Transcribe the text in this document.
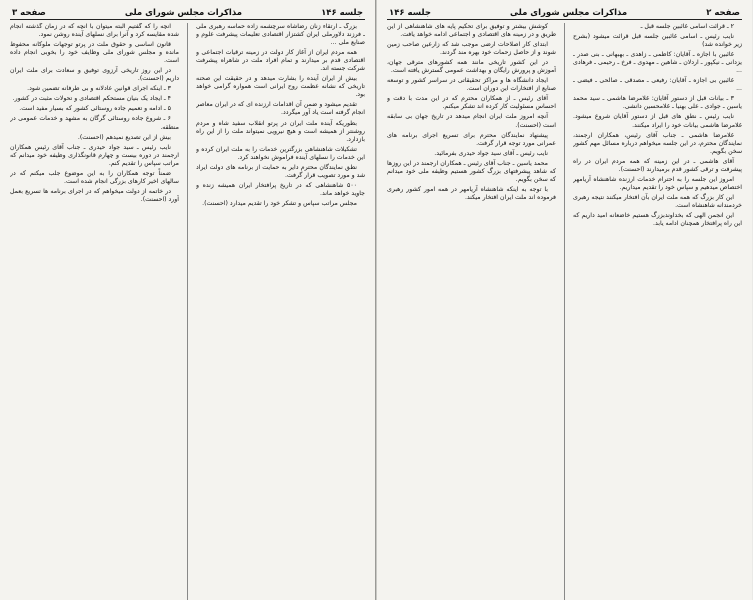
جلسه ۱۴۶
مذاکرات مجلس شورای ملی
صفحه ۳

بزرگ ـ ارتقاء زنان رضاشاه سرچشمه زاده حماسه رهبری ملی ـ فرزند دلاورملی ایران کشتزار اقتصادی تعلیمات پیشرفت علوم و صنایع ملی ...

همه مردم ایران از آغاز کار دولت در زمینه ترقیات اجتماعی و اقتصادی قدم بر میدارند و تمام افراد ملت در شاهراه پیشرفت شرکت جسته اند.

بیش از ایران آینده را بشارت میدهد و در حقیقت این صحنه تاریخی که نشانه عظمت روح ایرانی است همواره گرامی خواهد بود.

تقدیم میشود و ضمن آن اقدامات ارزنده ای که در ایران معاصر انجام گرفته است یاد آور میگردد.

بطوریکه آینده ملت ایران در پرتو انقلاب سفید شاه و مردم روشنتر از همیشه است و هیچ نیرویی نمیتواند ملت را از این راه بازدارد.

تشکیلات شاهنشاهی بزرگترین خدمات را به ملت ایران کرده و این خدمات را نسلهای آینده فراموش نخواهند کرد.

نطق نمایندگان محترم دایر به حمایت از برنامه های دولت ایراد شد و مورد تصویب قرار گرفت.

۵۰۰ شاهنشاهی که در تاریخ پرافتخار ایران همیشه زنده و جاوید خواهد ماند.

مجلس مراتب سپاس و تشکر خود را تقدیم میدارد (احسنت).

آنچه را که گفتیم البته میتوان با آنچه که در زمان گذشته انجام شده مقایسه کرد و آنرا برای نسلهای آینده روشن نمود.

قانون اساسی و حقوق ملت در پرتو توجهات ملوکانه محفوظ مانده و مجلس شورای ملی وظایف خود را بخوبی انجام داده است.

در این روز تاریخی آرزوی توفیق و سعادت برای ملت ایران داریم (احسنت).

۳ ـ اینکه اجرای قوانین عادلانه و بی طرفانه تضمین شود.

۴ ـ ایجاد یک بنیان مستحکم اقتصادی و تحولات مثبت در کشور.

۵ ـ ادامه و تعمیم جاده روستائی کشور که بسیار مفید است.

۶ ـ شروع جاده روستائی گرگان به مشهد و خدمات عمومی در منطقه.

بیش از این تصدیع نمیدهم (احسنت).

نایب رئیس ـ سید جواد حیدری ـ جناب آقای رئیس همکاران ارجمند در دوره بیست و چهارم قانونگذاری وظیفه خود میدانم که مراتب سپاس را تقدیم کنم.

ضمناً توجه همکاران را به این موضوع جلب میکنم که در سالهای اخیر کارهای بزرگی انجام شده است.

در خاتمه از دولت میخواهم که در اجرای برنامه ها تسریع بعمل آورد (احسنت).

صفحه ۲
مذاکرات مجلس شورای ملی
جلسه ۱۴۶

۲ ـ قرائت اسامی غائبین جلسه قبل ـ

نایب رئیس ـ اسامی غائبین جلسه قبل قرائت میشود (بشرح زیر خوانده شد)

غائبین با اجازه ـ آقایان: کاظمی ـ زاهدی ـ بهبهانی ـ بنی صدر ـ یزدانی ـ نیکپور ـ اردلان ـ شاهین ـ مهدوی ـ فرخ ـ رحیمی ـ فرهادی ...

غائبین بی اجازه ـ آقایان: رفیعی ـ مصدقی ـ صالحی ـ فیضی ـ ...

۳ ـ بیانات قبل از دستور آقایان: غلامرضا هاشمی ـ سید محمد یاسین ـ جوادی ـ علی بهنیا ـ غلامحسین دانشی.

نایب رئیس ـ نطق های قبل از دستور آقایان شروع میشود. غلامرضا هاشمی بیانات خود را ایراد میکنند.

غلامرضا هاشمی ـ جناب آقای رئیس، همکاران ارجمند، نمایندگان محترم، در این جلسه میخواهم درباره مسائل مهم کشور سخن بگویم.

آقای هاشمی ـ در این زمینه که همه مردم ایران در راه پیشرفت و ترقی کشور قدم برمیدارند (احسنت).

امروز این جلسه را به احترام خدمات ارزنده شاهنشاه آریامهر اختصاص میدهیم و سپاس خود را تقدیم میداریم.

این کار بزرگ که همه ملت ایران بآن افتخار میکنند نتیجه رهبری خردمندانه شاهنشاه است.

این انجمن الهی که بخداوندبزرگ هستیم خاضعانه امید داریم که این راه پرافتخار همچنان ادامه یابد.

کوشش بیشتر و توفیق برای تحکیم پایه های شاهنشاهی از این طریق و در زمینه های اقتصادی و اجتماعی ادامه خواهد یافت.

ابتدای کار اصلاحات ارضی موجب شد که زارعین صاحب زمین شوند و از حاصل زحمات خود بهره مند گردند.

در این کشور تاریخی مانند همه کشورهای مترقی جهان، آموزش و پرورش رایگان و بهداشت عمومی گسترش یافته است.

ایجاد دانشگاه ها و مراکز تحقیقاتی در سراسر کشور و توسعه صنایع از افتخارات این دوران است.

آقای رئیس ـ از همکاران محترم که در این مدت با دقت و احساس مسئولیت کار کرده اند تشکر میکنم.

آنچه امروز ملت ایران انجام میدهد در تاریخ جهان بی سابقه است (احسنت).

پیشنهاد نمایندگان محترم برای تسریع اجرای برنامه های عمرانی مورد توجه قرار گرفت.

نایب رئیس ـ آقای سید جواد حیدری بفرمائید.

محمد یاسین ـ جناب آقای رئیس ـ همکاران ارجمند در این روزها که شاهد پیشرفتهای بزرگ کشور هستیم وظیفه ملی خود میدانم که سخن بگویم.

با توجه به اینکه شاهنشاه آریامهر در همه امور کشور رهبری فرموده اند ملت ایران افتخار میکند.
